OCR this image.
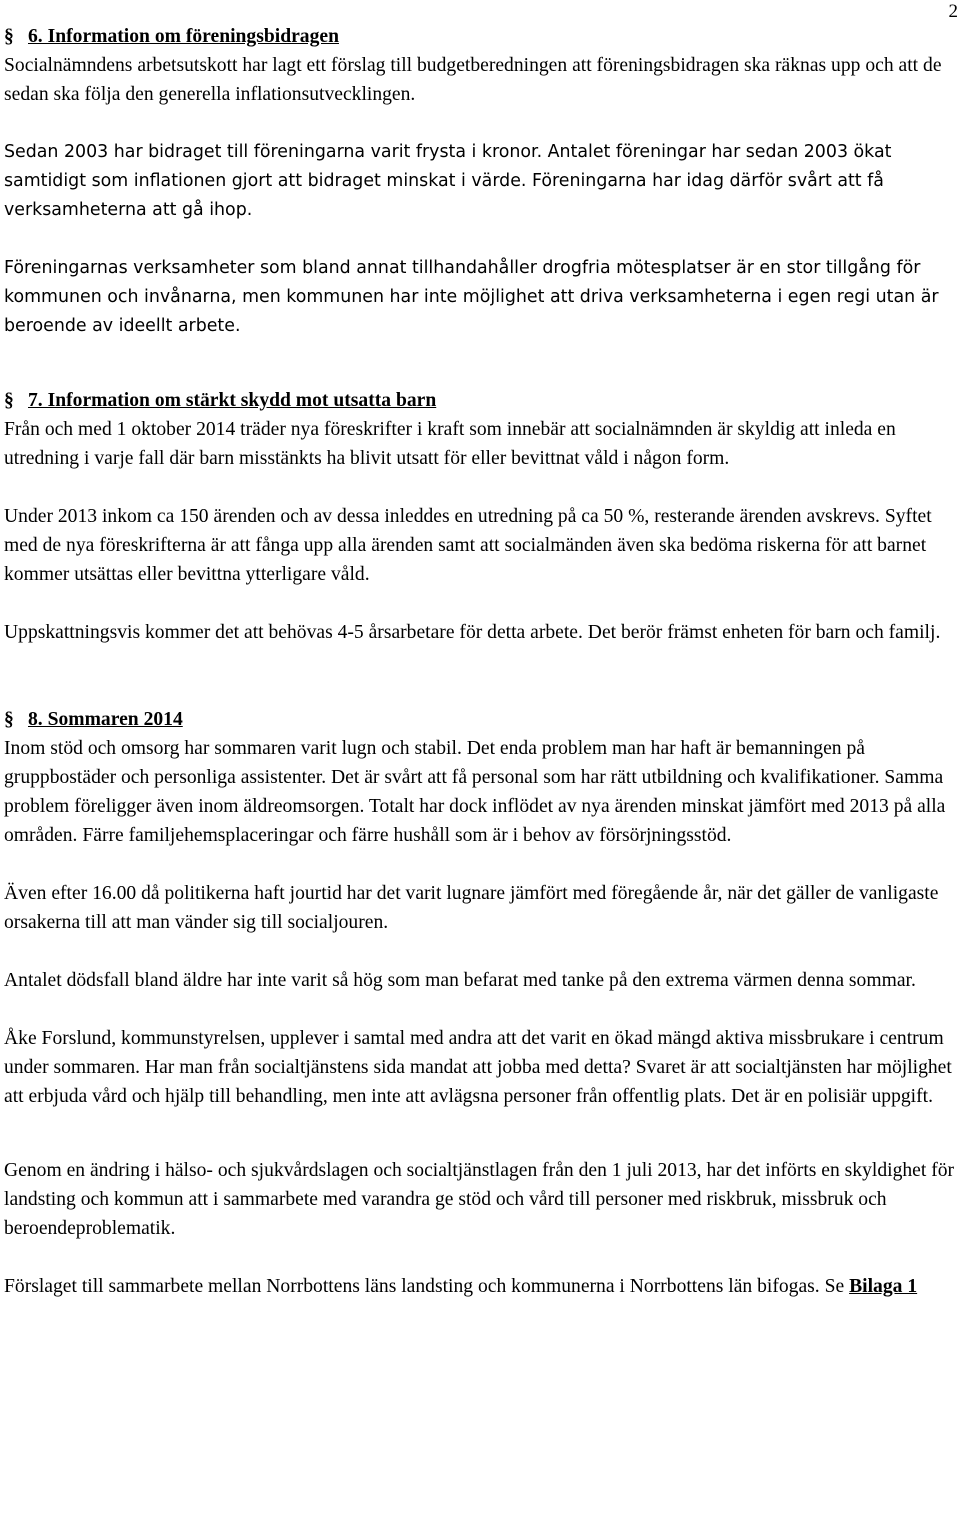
2
§ 6. Information om föreningsbidragen

Socialnämndens arbetsutskott har lagt ett förslag till budgetberedningen att föreningsbidragen ska räknas upp och att de sedan ska följa den generella inflationsutvecklingen.

Sedan 2003 har bidraget till föreningarna varit frysta i kronor. Antalet föreningar har sedan 2003 ökat samtidigt som inflationen gjort att bidraget minskat i värde. Föreningarna har idag därför svårt att få verksamheterna att gå ihop.

Föreningarnas verksamheter som bland annat tillhandahåller drogfria mötesplatser är en stor tillgång för kommunen och invånarna, men kommunen har inte möjlighet att driva verksamheterna i egen regi utan är beroende av ideellt arbete.

§ 7. Information om stärkt skydd mot utsatta barn

Från och med 1 oktober 2014 träder nya föreskrifter i kraft som innebär att socialnämnden är skyldig att inleda en utredning i varje fall där barn misstänkts ha blivit utsatt för eller bevittnat våld i någon form.

Under 2013 inkom ca 150 ärenden och av dessa inleddes en utredning på ca 50 %, resterande ärenden avskrevs. Syftet med de nya föreskrifterna är att fånga upp alla ärenden samt att socialmänden även ska bedöma riskerna för att barnet kommer utsättas eller bevittna ytterligare våld.

Uppskattningsvis kommer det att behövas 4-5 årsarbetare för detta arbete. Det berör främst enheten för barn och familj.

§ 8. Sommaren 2014

Inom stöd och omsorg har sommaren varit lugn och stabil. Det enda problem man har haft är bemanningen på gruppbostäder och personliga assistenter. Det är svårt att få personal som har rätt utbildning och kvalifikationer. Samma problem föreligger även inom äldreomsorgen. Totalt har dock inflödet av nya ärenden minskat jämfört med 2013 på alla områden. Färre familjehemsplaceringar och färre hushåll som är i behov av försörjningsstöd.

Även efter 16.00 då politikerna haft jourtid har det varit lugnare jämfört med föregående år, när det gäller de vanligaste orsakerna till att man vänder sig till socialjouren.

Antalet dödsfall bland äldre har inte varit så hög som man befarat med tanke på den extrema värmen denna sommar.

Åke Forslund, kommunstyrelsen, upplever i samtal med andra att det varit en ökad mängd aktiva missbrukare i centrum under sommaren. Har man från socialtjänstens sida mandat att jobba med detta? Svaret är att socialtjänsten har möjlighet att erbjuda vård och hjälp till behandling, men inte att avlägsna personer från offentlig plats. Det är en polisiär uppgift.

Genom en ändring i hälso- och sjukvårdslagen och socialtjänstlagen från den 1 juli 2013, har det införts en skyldighet för landsting och kommun att i sammarbete med varandra ge stöd och vård till personer med riskbruk, missbruk och beroendeproblematik.

Förslaget till sammarbete mellan Norrbottens läns landsting och kommunerna i Norrbottens län bifogas. Se Bilaga 1
